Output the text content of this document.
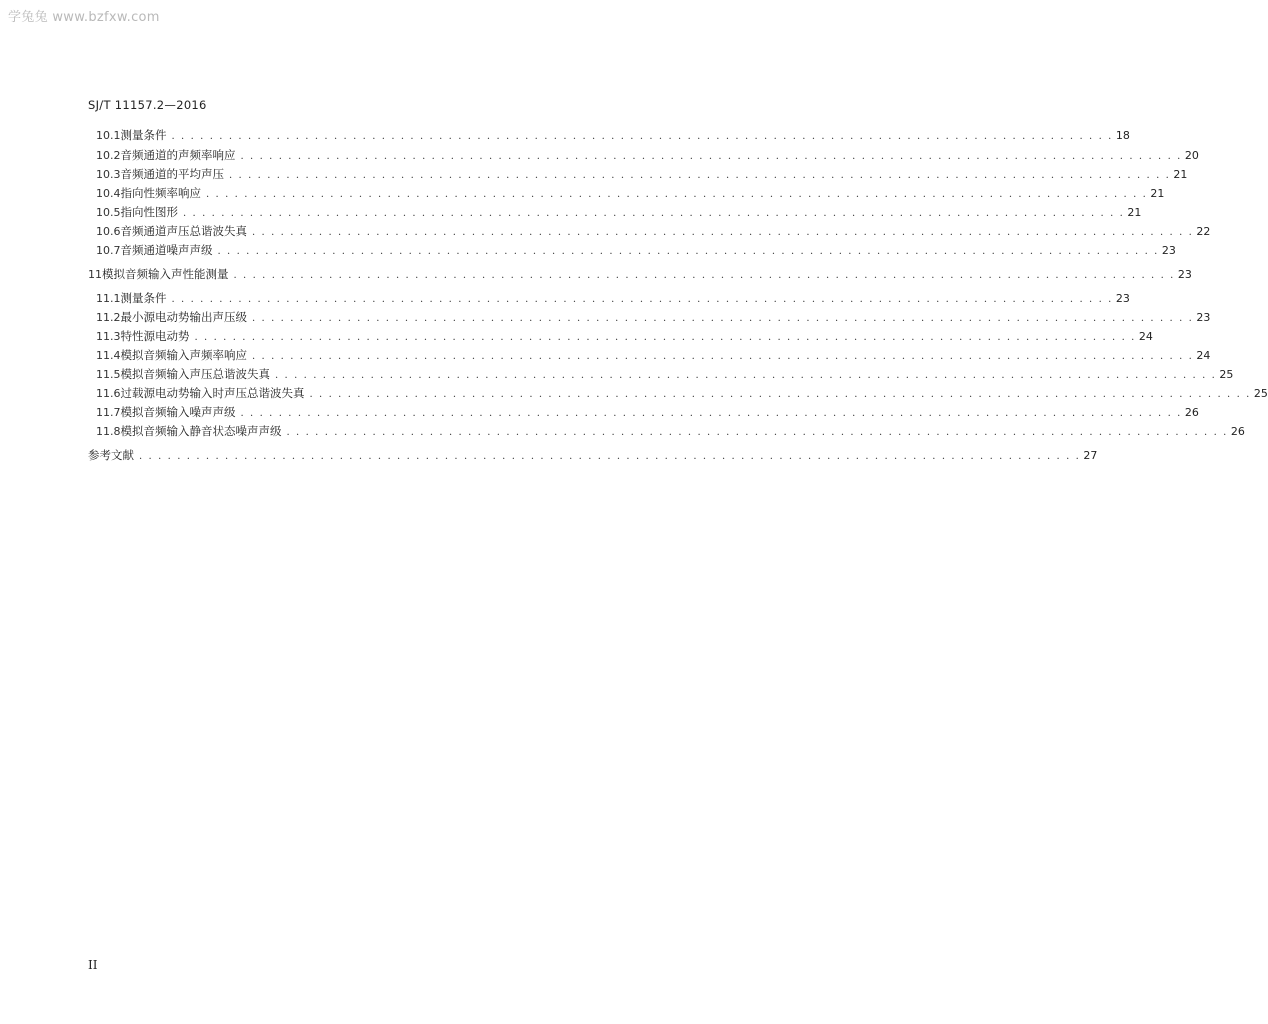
学兔兔 www.bzfxw.com
SJ/T 11157.2—2016
10.1 测量条件 . . . . . . . . . . . . . . . . . . . . . . . . . . . . . . . . . . . . . . . . . . . . . . . . . . . . . . . . . . . . . . . . . . . . . . . . . . . . . . . . . . . . . . . . . . . . . . . . . . . 18
10.2 音频通道的声频率响应 . . . . . . . . . . . . . . . . . . . . . . . . . . . . . . . . . . . . . . . . . . . . . . . . . . . . . . . . . . . . . . . . . . . . . . . . . . . . . . . . . . . . . . . . . . . . . . . . . . . 20
10.3 音频通道的平均声压 . . . . . . . . . . . . . . . . . . . . . . . . . . . . . . . . . . . . . . . . . . . . . . . . . . . . . . . . . . . . . . . . . . . . . . . . . . . . . . . . . . . . . . . . . . . . . . . . . . . 21
10.4 指向性频率响应 . . . . . . . . . . . . . . . . . . . . . . . . . . . . . . . . . . . . . . . . . . . . . . . . . . . . . . . . . . . . . . . . . . . . . . . . . . . . . . . . . . . . . . . . . . . . . . . . . . . 21
10.5 指向性图形 . . . . . . . . . . . . . . . . . . . . . . . . . . . . . . . . . . . . . . . . . . . . . . . . . . . . . . . . . . . . . . . . . . . . . . . . . . . . . . . . . . . . . . . . . . . . . . . . . . . 21
10.6 音频通道声压总谐波失真 . . . . . . . . . . . . . . . . . . . . . . . . . . . . . . . . . . . . . . . . . . . . . . . . . . . . . . . . . . . . . . . . . . . . . . . . . . . . . . . . . . . . . . . . . . . . . . . . . . . 22
10.7 音频通道噪声声级 . . . . . . . . . . . . . . . . . . . . . . . . . . . . . . . . . . . . . . . . . . . . . . . . . . . . . . . . . . . . . . . . . . . . . . . . . . . . . . . . . . . . . . . . . . . . . . . . . . . 23
11 模拟音频输入声性能测量 . . . . . . . . . . . . . . . . . . . . . . . . . . . . . . . . . . . . . . . . . . . . . . . . . . . . . . . . . . . . . . . . . . . . . . . . . . . . . . . . . . . . . . . . . . . . . . . . . . . 23
11.1 测量条件 . . . . . . . . . . . . . . . . . . . . . . . . . . . . . . . . . . . . . . . . . . . . . . . . . . . . . . . . . . . . . . . . . . . . . . . . . . . . . . . . . . . . . . . . . . . . . . . . . . . 23
11.2 最小源电动势输出声压级 . . . . . . . . . . . . . . . . . . . . . . . . . . . . . . . . . . . . . . . . . . . . . . . . . . . . . . . . . . . . . . . . . . . . . . . . . . . . . . . . . . . . . . . . . . . . . . . . . . . 23
11.3 特性源电动势 . . . . . . . . . . . . . . . . . . . . . . . . . . . . . . . . . . . . . . . . . . . . . . . . . . . . . . . . . . . . . . . . . . . . . . . . . . . . . . . . . . . . . . . . . . . . . . . . . . . 24
11.4 模拟音频输入声频率响应 . . . . . . . . . . . . . . . . . . . . . . . . . . . . . . . . . . . . . . . . . . . . . . . . . . . . . . . . . . . . . . . . . . . . . . . . . . . . . . . . . . . . . . . . . . . . . . . . . . . 24
11.5 模拟音频输入声压总谐波失真 . . . . . . . . . . . . . . . . . . . . . . . . . . . . . . . . . . . . . . . . . . . . . . . . . . . . . . . . . . . . . . . . . . . . . . . . . . . . . . . . . . . . . . . . . . . . . . . . . . . 25
11.6 过载源电动势输入时声压总谐波失真 . . . . . . . . . . . . . . . . . . . . . . . . . . . . . . . . . . . . . . . . . . . . . . . . . . . . . . . . . . . . . . . . . . . . . . . . . . . . . . . . . . . . . . . . . . . . . . . . . . . 25
11.7 模拟音频输入噪声声级 . . . . . . . . . . . . . . . . . . . . . . . . . . . . . . . . . . . . . . . . . . . . . . . . . . . . . . . . . . . . . . . . . . . . . . . . . . . . . . . . . . . . . . . . . . . . . . . . . . . 26
11.8 模拟音频输入静音状态噪声声级 . . . . . . . . . . . . . . . . . . . . . . . . . . . . . . . . . . . . . . . . . . . . . . . . . . . . . . . . . . . . . . . . . . . . . . . . . . . . . . . . . . . . . . . . . . . . . . . . . . . 26
参考文献 . . . . . . . . . . . . . . . . . . . . . . . . . . . . . . . . . . . . . . . . . . . . . . . . . . . . . . . . . . . . . . . . . . . . . . . . . . . . . . . . . . . . . . . . . . . . . . . . . . . 27
II
